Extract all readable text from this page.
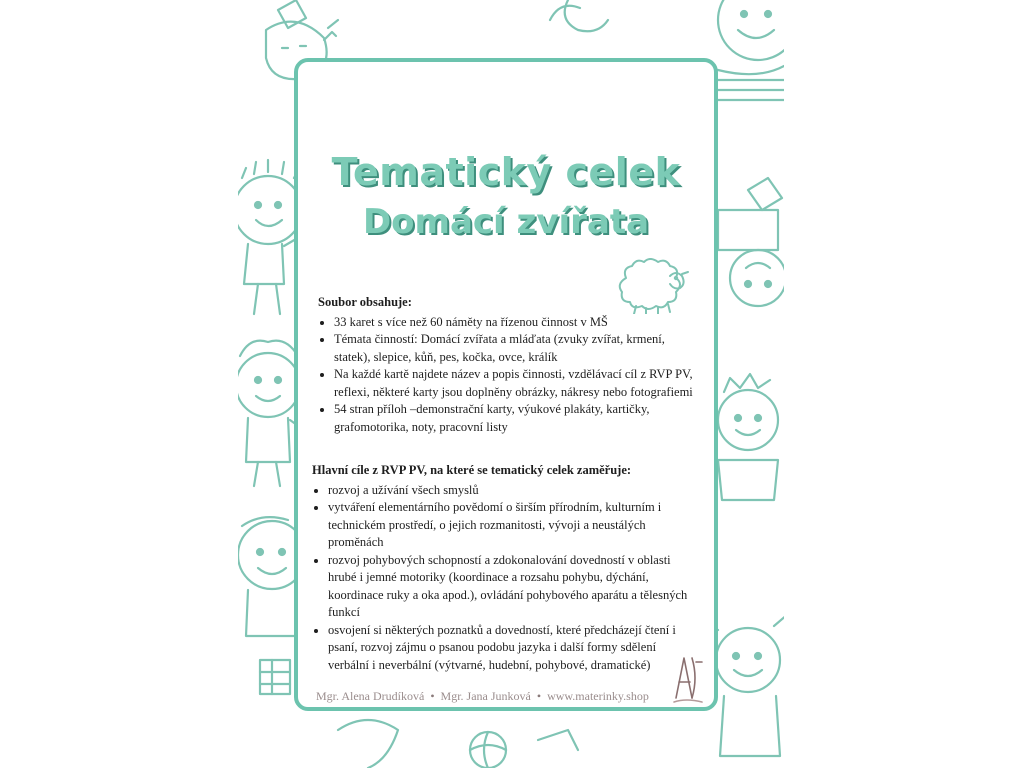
Tematický celek
Domácí zvířata
Soubor obsahuje:
• 33 karet s více než 60 náměty na řízenou činnost v MŠ
• Témata činností: Domácí zvířata a mláďata (zvuky zvířat, krmení, statek), slepice, kůň, pes, kočka, ovce, králík
• Na každé kartě najdete název a popis činnosti, vzdělávací cíl z RVP PV, reflexi, některé karty jsou doplněny obrázky, nákresy nebo fotografiemi
• 54 stran příloh –demonstrační karty, výukové plakáty, kartičky, grafomotorika, noty, pracovní listy
Hlavní cíle z RVP PV, na které se tematický celek zaměřuje:
• rozvoj a užívání všech smyslů
• vytváření elementárního povědomí o širším přírodním, kulturním i technickém prostředí, o jejich rozmanitosti, vývoji a neustálých proměnách
• rozvoj pohybových schopností a zdokonalování dovedností v oblasti hrubé i jemné motoriky (koordinace a rozsahu pohybu, dýchání, koordinace ruky a oka apod.), ovládání pohybového aparátu a tělesných funkcí
• osvojení si některých poznatků a dovedností, které předcházejí čtení i psaní, rozvoj zájmu o psanou podobu jazyka i další formy sdělení verbální i neverbální (výtvarné, hudební, pohybové, dramatické)
Mgr. Alena Drudíková • Mgr. Jana Junková • www.materinky.shop
